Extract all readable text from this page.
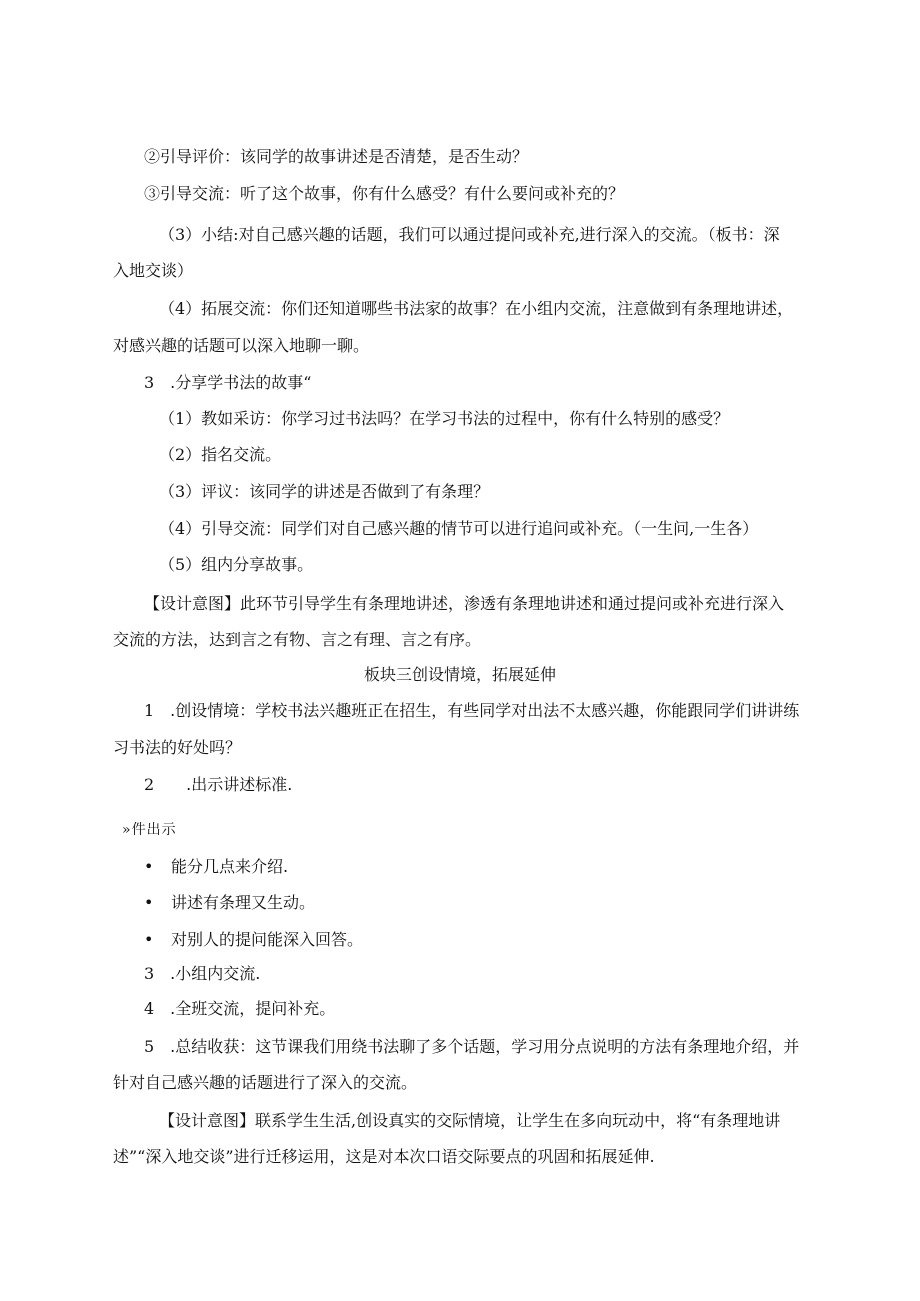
②引导评价：该同学的故事讲述是否清楚，是否生动？
③引导交流：听了这个故事，你有什么感受？有什么要问或补充的？
（3）小结:对自己感兴趣的话题，我们可以通过提问或补充,进行深入的交流。（板书：深
入地交谈）
（4）拓展交流：你们还知道哪些书法家的故事？在小组内交流，注意做到有条理地讲述，
对感兴趣的话题可以深入地聊一聊。
3　.分享学书法的故事“
（1）教如采访：你学习过书法吗？在学习书法的过程中，你有什么特别的感受？
（2）指名交流。
（3）评议：该同学的讲述是否做到了有条理？
（4）引导交流：同学们对自己感兴趣的情节可以进行追问或补充。（一生问,一生各）
（5）组内分享故事。
【设计意图】此环节引导学生有条理地讲述，渗透有条理地讲述和通过提问或补充进行深入
交流的方法，达到言之有物、言之有理、言之有序。
板块三创设情境，拓展延伸
1　.创设情境：学校书法兴趣班正在招生，有些同学对出法不太感兴趣，你能跟同学们讲讲练
习书法的好处吗？
2　　.出示讲述标准.
»件出示
• 能分几点来介绍.
• 讲述有条理又生动。
• 对别人的提问能深入回答。
3　.小组内交流.
4　.全班交流，提问补充。
5　.总结收获：这节课我们用绕书法聊了多个话题，学习用分点说明的方法有条理地介绍，并
针对自己感兴趣的话题进行了深入的交流。
【设计意图】联系学生生活,创设真实的交际情境，让学生在多向玩动中，将“有条理地讲
述”“深入地交谈”进行迁移运用，这是对本次口语交际要点的巩固和拓展延伸.
